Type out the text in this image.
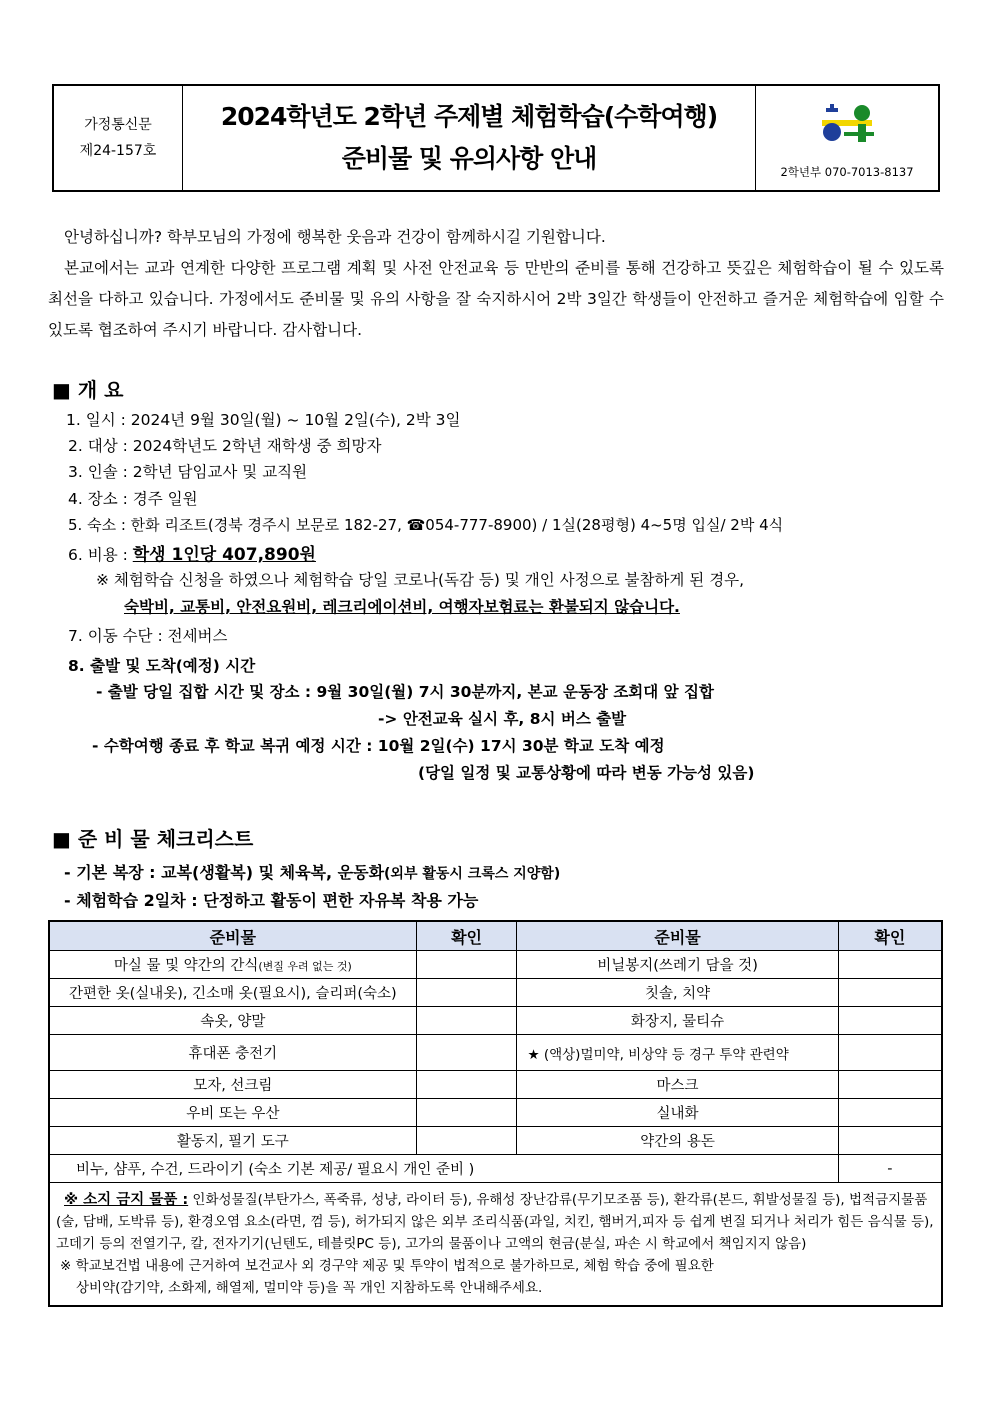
가정통신문
제24-157호
2024학년도 2학년 주제별 체험학습(수학여행)
준비물 및 유의사항 안내	2학년부 070-7013-8137

안녕하십니까? 학부모님의 가정에 행복한 웃음과 건강이 함께하시길 기원합니다.

본교에서는 교과 연계한 다양한 프로그램 계획 및 사전 안전교육 등 만반의 준비를 통해 건강하고 뜻깊은 체험학습이 될 수 있도록 최선을 다하고 있습니다. 가정에서도 준비물 및 유의 사항을 잘 숙지하시어 2박 3일간 학생들이 안전하고 즐거운 체험학습에 임할 수 있도록 협조하여 주시기 바랍니다. 감사합니다.

■ 개 요
1. 일시 : 2024년 9월 30일(월) ~ 10월 2일(수), 2박 3일
2. 대상 : 2024학년도 2학년 재학생 중 희망자
3. 인솔 : 2학년 담임교사 및 교직원
4. 장소 : 경주 일원
5. 숙소 : 한화 리조트(경북 경주시 보문로 182-27, ☎054-777-8900) / 1실(28평형) 4~5명 입실/ 2박 4식
6. 비용 : 학생 1인당 407,890원
※ 체험학습 신청을 하였으나 체험학습 당일 코로나(독감 등) 및 개인 사정으로 불참하게 된 경우,
숙박비, 교통비, 안전요원비, 레크리에이션비, 여행자보험료는 환불되지 않습니다.
7. 이동 수단 : 전세버스
8. 출발 및 도착(예정) 시간
- 출발 당일 집합 시간 및 장소 : 9월 30일(월) 7시 30분까지, 본교 운동장 조회대 앞 집합
-> 안전교육 실시 후, 8시 버스 출발
- 수학여행 종료 후 학교 복귀 예정 시간 : 10월 2일(수) 17시 30분 학교 도착 예정
(당일 일정 및 교통상황에 따라 변동 가능성 있음)
■ 준 비 물 체크리스트
- 기본 복장 : 교복(생활복) 및 체육복, 운동화(외부 활동시 크록스 지양함)
- 체험학습 2일차 : 단정하고 활동이 편한 자유복 착용 가능
준비물	확인	준비물	확인
마실 물 및 약간의 간식(변질 우려 없는 것)		비닐봉지(쓰레기 담을 것)	
간편한 옷(실내옷), 긴소매 옷(필요시), 슬리퍼(숙소)		칫솔, 치약	
속옷, 양말		화장지, 물티슈	
휴대폰 충전기		★ (액상)멀미약, 비상약 등 경구 투약 관련약	
모자, 선크림		마스크	
우비 또는 우산		실내화	
활동지, 필기 도구		약간의 용돈	
비누, 샴푸, 수건, 드라이기 (숙소 기본 제공/ 필요시 개인 준비 )			-
※ 소지 금지 물품 : 인화성물질(부탄가스, 폭죽류, 성냥, 라이터 등), 유해성 장난감류(무기모조품 등), 환각류(본드, 휘발성물질 등), 법적금지물품(술, 담배, 도박류 등), 환경오염 요소(라면, 껌 등), 허가되지 않은 외부 조리식품(과일, 치킨, 햄버거,피자 등 쉽게 변질 되거나 처리가 힘든 음식물 등), 고데기 등의 전열기구, 칼, 전자기기(닌텐도, 테블릿PC 등), 고가의 물품이나 고액의 현금(분실, 파손 시 학교에서 책임지지 않음)
※ 학교보건법 내용에 근거하여 보건교사 외 경구약 제공 및 투약이 법적으로 불가하므로, 체험 학습 중에 필요한
상비약(감기약, 소화제, 해열제, 멀미약 등)을 꼭 개인 지참하도록 안내해주세요.			
